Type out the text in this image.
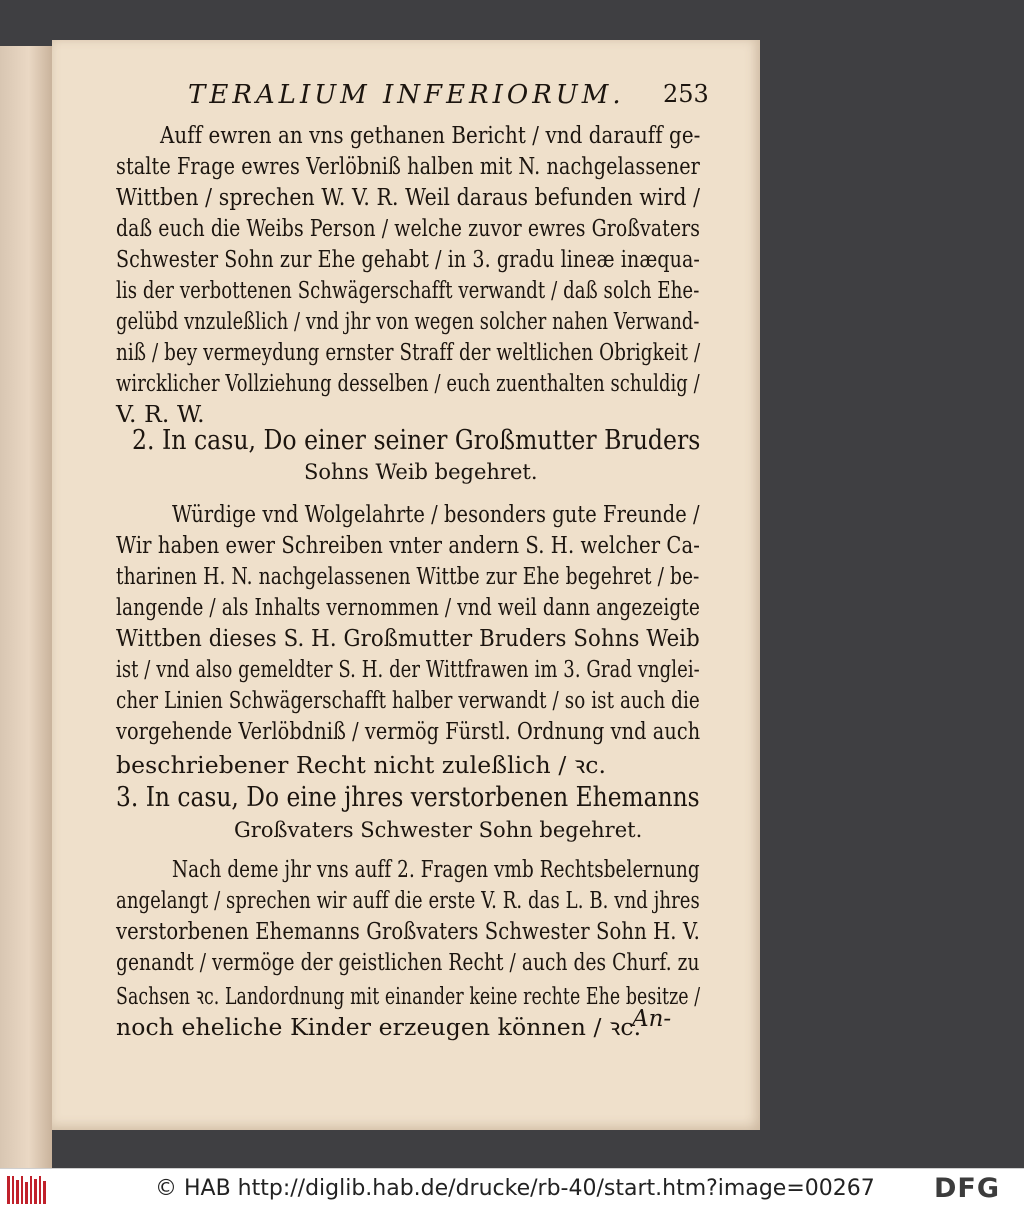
TERALIUM INFERIORUM. 253
Auff ewren an vns gethanen Bericht / vnd darauff ge-
stalte Frage ewres Verlöbniß halben mit N. nachgelassener
Wittben / sprechen W. V. R. Weil daraus befunden wird /
daß euch die Weibs Person / welche zuvor ewres Großvaters
Schwester Sohn zur Ehe gehabt / in 3. gradu lineæ inæqua-
lis der verbottenen Schwägerschafft verwandt / daß solch Ehe-
gelübd vnzuleßlich / vnd jhr von wegen solcher nahen Verwand-
niß / bey vermeydung ernster Straff der weltlichen Obrigkeit /
wircklicher Vollziehung desselben / euch zuenthalten schuldig /
V. R. W.
2. In casu, Do einer seiner Großmutter Bruders
Sohns Weib begehret.
Würdige vnd Wolgelahrte / besonders gute Freunde /
Wir haben ewer Schreiben vnter andern S. H. welcher Ca-
tharinen H. N. nachgelassenen Wittbe zur Ehe begehret / be-
langende / als Inhalts vernommen / vnd weil dann angezeigte
Wittben dieses S. H. Großmutter Bruders Sohns Weib
ist / vnd also gemeldter S. H. der Wittfrawen im 3. Grad vnglei-
cher Linien Schwägerschafft halber verwandt / so ist auch die
vorgehende Verlöbdniß / vermög Fürstl. Ordnung vnd auch
beschriebener Recht nicht zuleßlich / ꝛc.
3. In casu, Do eine jhres verstorbenen Ehemanns
Großvaters Schwester Sohn begehret.
Nach deme jhr vns auff 2. Fragen vmb Rechtsbelernung
angelangt / sprechen wir auff die erste V. R. das L. B. vnd jhres
verstorbenen Ehemanns Großvaters Schwester Sohn H. V.
genandt / vermöge der geistlichen Recht / auch des Churf. zu
Sachsen ꝛc. Landordnung mit einander keine rechte Ehe besitze /
noch eheliche Kinder erzeugen können / ꝛc.
An-
© HAB http://diglib.hab.de/drucke/rb-40/start.htm?image=00267 DFG
